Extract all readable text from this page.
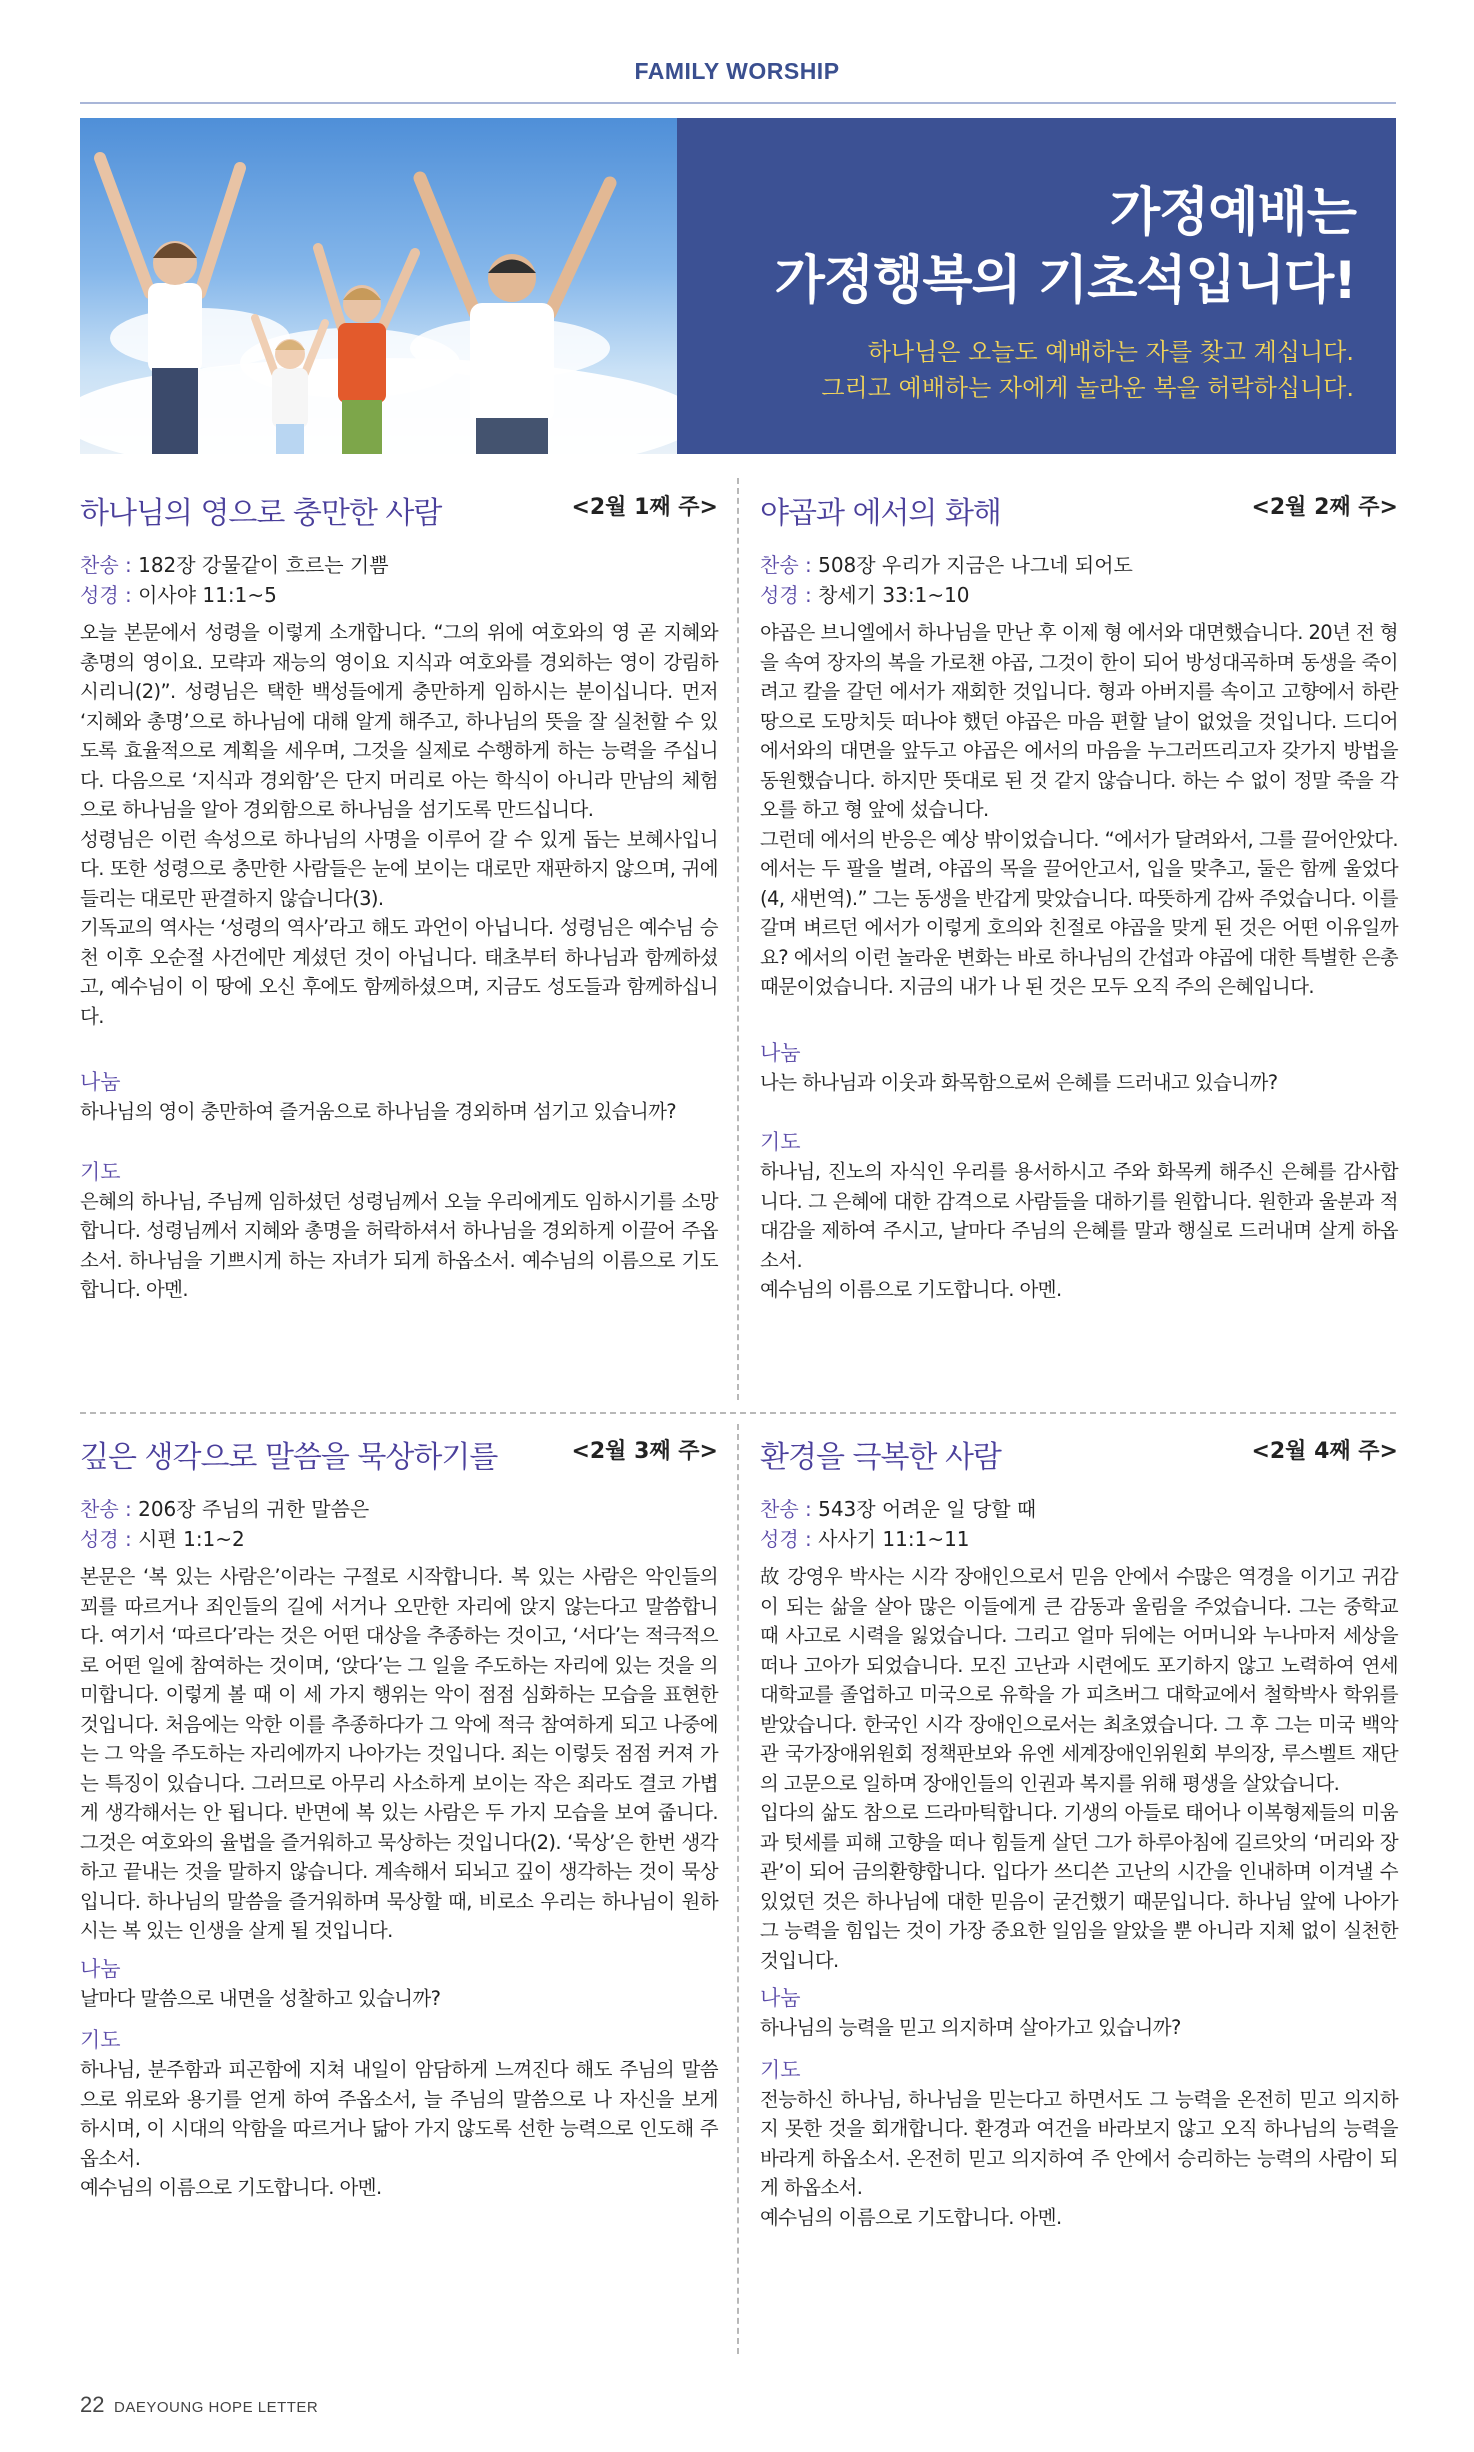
FAMILY WORSHIP
가정예배는
가정행복의 기초석입니다!
하나님은 오늘도 예배하는 자를 찾고 계십니다.
그리고 예배하는 자에게 놀라운 복을 허락하십니다.
하나님의 영으로 충만한 사람	<2월 1째 주>
찬송 : 182장 강물같이 흐르는 기쁨
성경 : 이사야 11:1~5
오늘 본문에서 성령을 이렇게 소개합니다. “그의 위에 여호와의 영 곧 지혜와 총명의 영이요. 모략과 재능의 영이요 지식과 여호와를 경외하는 영이 강림하시리니(2)”. 성령님은 택한 백성들에게 충만하게 임하시는 분이십니다. 먼저 ‘지혜와 총명’으로 하나님에 대해 알게 해주고, 하나님의 뜻을 잘 실천할 수 있도록 효율적으로 계획을 세우며, 그것을 실제로 수행하게 하는 능력을 주십니다. 다음으로 ‘지식과 경외함’은 단지 머리로 아는 학식이 아니라 만남의 체험으로 하나님을 알아 경외함으로 하나님을 섬기도록 만드십니다.
성령님은 이런 속성으로 하나님의 사명을 이루어 갈 수 있게 돕는 보혜사입니다. 또한 성령으로 충만한 사람들은 눈에 보이는 대로만 재판하지 않으며, 귀에 들리는 대로만 판결하지 않습니다(3).
기독교의 역사는 ‘성령의 역사’라고 해도 과언이 아닙니다. 성령님은 예수님 승천 이후 오순절 사건에만 계셨던 것이 아닙니다. 태초부터 하나님과 함께하셨고, 예수님이 이 땅에 오신 후에도 함께하셨으며, 지금도 성도들과 함께하십니다.
나눔
하나님의 영이 충만하여 즐거움으로 하나님을 경외하며 섬기고 있습니까?
기도
은혜의 하나님, 주님께 임하셨던 성령님께서 오늘 우리에게도 임하시기를 소망합니다. 성령님께서 지혜와 총명을 허락하셔서 하나님을 경외하게 이끌어 주옵소서. 하나님을 기쁘시게 하는 자녀가 되게 하옵소서. 예수님의 이름으로 기도합니다. 아멘.
야곱과 에서의 화해	<2월 2째 주>
찬송 : 508장 우리가 지금은 나그네 되어도
성경 : 창세기 33:1~10
야곱은 브니엘에서 하나님을 만난 후 이제 형 에서와 대면했습니다. 20년 전 형을 속여 장자의 복을 가로챈 야곱, 그것이 한이 되어 방성대곡하며 동생을 죽이려고 칼을 갈던 에서가 재회한 것입니다. 형과 아버지를 속이고 고향에서 하란 땅으로 도망치듯 떠나야 했던 야곱은 마음 편할 날이 없었을 것입니다. 드디어 에서와의 대면을 앞두고 야곱은 에서의 마음을 누그러뜨리고자 갖가지 방법을 동원했습니다. 하지만 뜻대로 된 것 같지 않습니다. 하는 수 없이 정말 죽을 각오를 하고 형 앞에 섰습니다.
그런데 에서의 반응은 예상 밖이었습니다. “에서가 달려와서, 그를 끌어안았다. 에서는 두 팔을 벌려, 야곱의 목을 끌어안고서, 입을 맞추고, 둘은 함께 울었다(4, 새번역).” 그는 동생을 반갑게 맞았습니다. 따뜻하게 감싸 주었습니다. 이를 갈며 벼르던 에서가 이렇게 호의와 친절로 야곱을 맞게 된 것은 어떤 이유일까요? 에서의 이런 놀라운 변화는 바로 하나님의 간섭과 야곱에 대한 특별한 은총 때문이었습니다. 지금의 내가 나 된 것은 모두 오직 주의 은혜입니다.
나눔
나는 하나님과 이웃과 화목함으로써 은혜를 드러내고 있습니까?
기도
하나님, 진노의 자식인 우리를 용서하시고 주와 화목케 해주신 은혜를 감사합니다. 그 은혜에 대한 감격으로 사람들을 대하기를 원합니다. 원한과 울분과 적대감을 제하여 주시고, 날마다 주님의 은혜를 말과 행실로 드러내며 살게 하옵소서.
예수님의 이름으로 기도합니다. 아멘.
깊은 생각으로 말씀을 묵상하기를	<2월 3째 주>
찬송 : 206장 주님의 귀한 말씀은
성경 : 시편 1:1~2
본문은 ‘복 있는 사람은’이라는 구절로 시작합니다. 복 있는 사람은 악인들의 꾀를 따르거나 죄인들의 길에 서거나 오만한 자리에 앉지 않는다고 말씀합니다. 여기서 ‘따르다’라는 것은 어떤 대상을 추종하는 것이고, ‘서다’는 적극적으로 어떤 일에 참여하는 것이며, ‘앉다’는 그 일을 주도하는 자리에 있는 것을 의미합니다. 이렇게 볼 때 이 세 가지 행위는 악이 점점 심화하는 모습을 표현한 것입니다. 처음에는 악한 이를 추종하다가 그 악에 적극 참여하게 되고 나중에는 그 악을 주도하는 자리에까지 나아가는 것입니다. 죄는 이렇듯 점점 커져 가는 특징이 있습니다. 그러므로 아무리 사소하게 보이는 작은 죄라도 결코 가볍게 생각해서는 안 됩니다. 반면에 복 있는 사람은 두 가지 모습을 보여 줍니다. 그것은 여호와의 율법을 즐거워하고 묵상하는 것입니다(2). ‘묵상’은 한번 생각하고 끝내는 것을 말하지 않습니다. 계속해서 되뇌고 깊이 생각하는 것이 묵상입니다. 하나님의 말씀을 즐거워하며 묵상할 때, 비로소 우리는 하나님이 원하시는 복 있는 인생을 살게 될 것입니다.
나눔
날마다 말씀으로 내면을 성찰하고 있습니까?
기도
하나님, 분주함과 피곤함에 지쳐 내일이 암담하게 느껴진다 해도 주님의 말씀으로 위로와 용기를 얻게 하여 주옵소서, 늘 주님의 말씀으로 나 자신을 보게 하시며, 이 시대의 악함을 따르거나 닮아 가지 않도록 선한 능력으로 인도해 주옵소서.
예수님의 이름으로 기도합니다. 아멘.
환경을 극복한 사람	<2월 4째 주>
찬송 : 543장 어려운 일 당할 때
성경 : 사사기 11:1~11
故 강영우 박사는 시각 장애인으로서 믿음 안에서 수많은 역경을 이기고 귀감이 되는 삶을 살아 많은 이들에게 큰 감동과 울림을 주었습니다. 그는 중학교 때 사고로 시력을 잃었습니다. 그리고 얼마 뒤에는 어머니와 누나마저 세상을 떠나 고아가 되었습니다. 모진 고난과 시련에도 포기하지 않고 노력하여 연세대학교를 졸업하고 미국으로 유학을 가 피츠버그 대학교에서 철학박사 학위를 받았습니다. 한국인 시각 장애인으로서는 최초였습니다. 그 후 그는 미국 백악관 국가장애위원회 정책판보와 유엔 세계장애인위원회 부의장, 루스벨트 재단의 고문으로 일하며 장애인들의 인권과 복지를 위해 평생을 살았습니다.
입다의 삶도 참으로 드라마틱합니다. 기생의 아들로 태어나 이복형제들의 미움과 텃세를 피해 고향을 떠나 힘들게 살던 그가 하루아침에 길르앗의 ‘머리와 장관’이 되어 금의환향합니다. 입다가 쓰디쓴 고난의 시간을 인내하며 이겨낼 수 있었던 것은 하나님에 대한 믿음이 굳건했기 때문입니다. 하나님 앞에 나아가 그 능력을 힘입는 것이 가장 중요한 일임을 알았을 뿐 아니라 지체 없이 실천한 것입니다.
나눔
하나님의 능력을 믿고 의지하며 살아가고 있습니까?
기도
전능하신 하나님, 하나님을 믿는다고 하면서도 그 능력을 온전히 믿고 의지하지 못한 것을 회개합니다. 환경과 여건을 바라보지 않고 오직 하나님의 능력을 바라게 하옵소서. 온전히 믿고 의지하여 주 안에서 승리하는 능력의 사람이 되게 하옵소서.
예수님의 이름으로 기도합니다. 아멘.
22 DAEYOUNG HOPE LETTER
